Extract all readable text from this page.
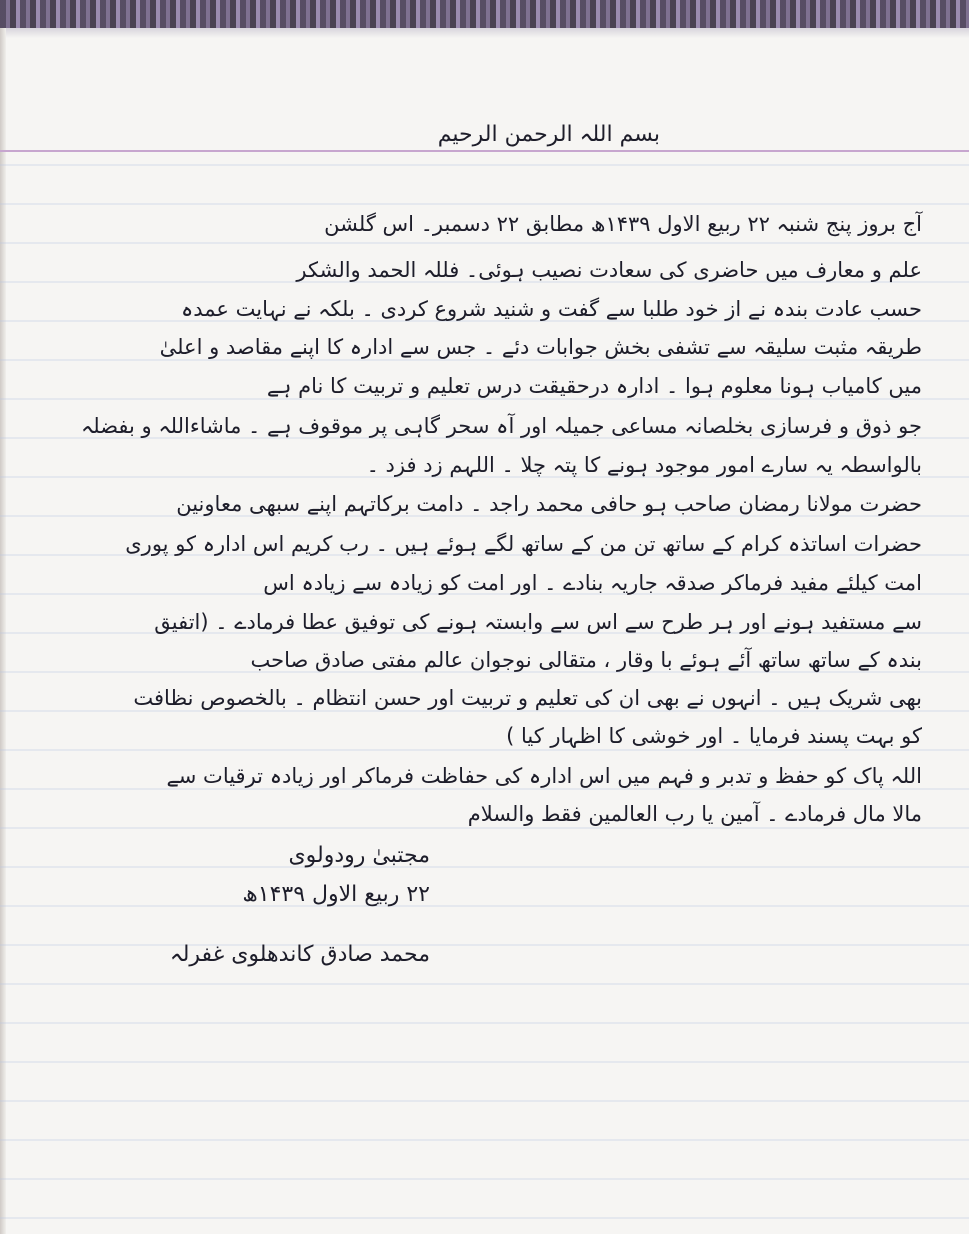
بسم اللہ الرحمن الرحیم
آج بروز پنج شنبہ ۲۲ ربیع الاول ۱۴۳۹ھ مطابق ۲۲ دسمبر۔ اس گلشن
علم و معارف میں حاضری کی سعادت نصیب ہوئی۔ فللہ الحمد والشکر
حسب عادت بندہ نے از خود طلبا سے گفت و شنید شروع کردی ۔ بلکہ نے نہایت عمدہ
طریقہ مثبت سلیقہ سے تشفی بخش جوابات دئے ۔ جس سے ادارہ کا اپنے مقاصد و اعلیٰ
میں کامیاب ہونا معلوم ہوا ۔ ادارہ درحقیقت درس تعلیم و تربیت کا نام ہے
جو ذوق و فرسازی بخلصانہ مساعی جمیلہ اور آہ سحر گاہی پر موقوف ہے ۔ ماشاءاللہ و بفضلہ
بالواسطہ یہ سارے امور موجود ہونے کا پتہ چلا ۔ اللہم زد فزد ۔
حضرت مولانا رمضان صاحب ہو حافی محمد راجد ۔ دامت برکاتہم اپنے سبھی معاونین
حضرات اساتذہ کرام کے ساتھ تن من کے ساتھ لگے ہوئے ہیں ۔ رب کریم اس ادارہ کو پوری
امت کیلئے مفید فرماکر صدقہ جاریہ بنادے ۔ اور امت کو زیادہ سے زیادہ اس
سے مستفید ہونے اور ہر طرح سے اس سے وابستہ ہونے کی توفیق عطا فرمادے ۔ (اتفیق
بندہ کے ساتھ ساتھ آئے ہوئے با وقار ، متقالی نوجوان عالم مفتی صادق صاحب
بھی شریک ہیں ۔ انہوں نے بھی ان کی تعلیم و تربیت اور حسن انتظام ۔ بالخصوص نظافت
کو بہت پسند فرمایا ۔ اور خوشی کا اظہار کیا )
اللہ پاک کو حفظ و تدبر و فہم میں اس ادارہ کی حفاظت فرماکر اور زیادہ ترقیات سے
مالا مال فرمادے ۔ آمین یا رب العالمین فقط والسلام
مجتبیٰ رودولوی
۲۲ ربیع الاول ۱۴۳۹ھ
محمد صادق کاندھلوی غفرلہ
